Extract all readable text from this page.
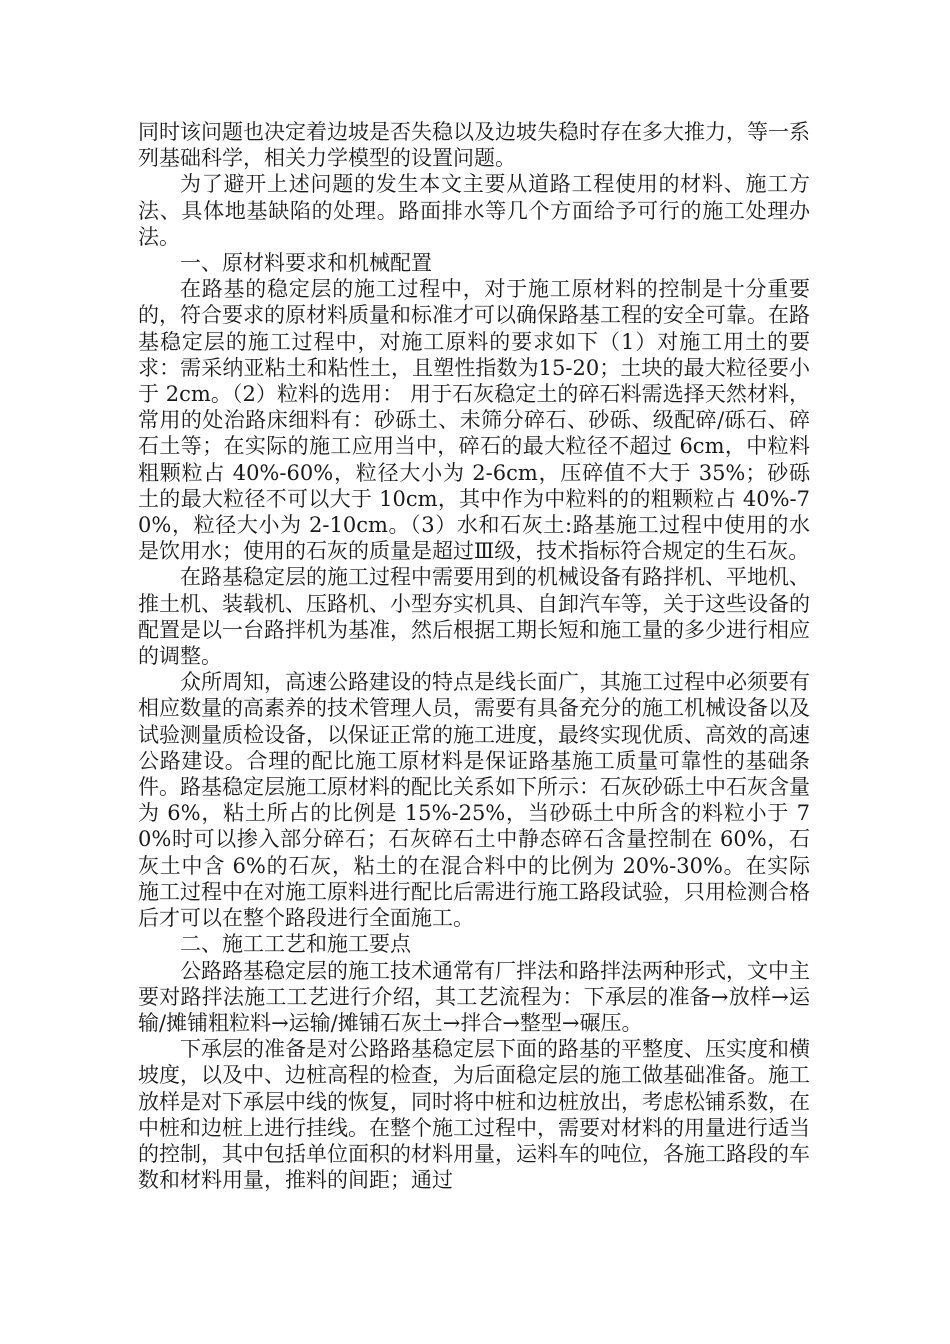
同时该问题也决定着边坡是否失稳以及边坡失稳时存在多大推力，等一系列基础科学，相关力学模型的设置问题。

为了避开上述问题的发生本文主要从道路工程使用的材料、施工方法、具体地基缺陷的处理。路面排水等几个方面给予可行的施工处理办法。

一、原材料要求和机械配置

在路基的稳定层的施工过程中，对于施工原材料的控制是十分重要的，符合要求的原材料质量和标准才可以确保路基工程的安全可靠。在路基稳定层的施工过程中，对施工原料的要求如下（1）对施工用土的要求：需采纳亚粘土和粘性土，且塑性指数为15-20；土块的最大粒径要小于 2cm。（2）粒料的选用： 用于石灰稳定土的碎石料需选择天然材料，常用的处治路床细料有：砂砾土、未筛分碎石、砂砾、级配碎/砾石、碎石土等；在实际的施工应用当中，碎石的最大粒径不超过 6cm，中粒料粗颗粒占 40%-60%，粒径大小为 2-6cm，压碎值不大于 35%；砂砾土的最大粒径不可以大于 10cm，其中作为中粒料的的粗颗粒占 40%-70%，粒径大小为 2-10cm。（3）水和石灰土:路基施工过程中使用的水是饮用水；使用的石灰的质量是超过Ⅲ级，技术指标符合规定的生石灰。

在路基稳定层的施工过程中需要用到的机械设备有路拌机、平地机、推土机、装载机、压路机、小型夯实机具、自卸汽车等，关于这些设备的配置是以一台路拌机为基准，然后根据工期长短和施工量的多少进行相应的调整。

众所周知，高速公路建设的特点是线长面广，其施工过程中必须要有相应数量的高素养的技术管理人员，需要有具备充分的施工机械设备以及试验测量质检设备，以保证正常的施工进度，最终实现优质、高效的高速公路建设。合理的配比施工原材料是保证路基施工质量可靠性的基础条件。路基稳定层施工原材料的配比关系如下所示：石灰砂砾土中石灰含量为 6%，粘土所占的比例是 15%-25%，当砂砾土中所含的料粒小于 70%时可以掺入部分碎石；石灰碎石土中静态碎石含量控制在 60%，石灰土中含 6%的石灰，粘土的在混合料中的比例为 20%-30%。在实际施工过程中在对施工原料进行配比后需进行施工路段试验，只用检测合格后才可以在整个路段进行全面施工。

二、施工工艺和施工要点

公路路基稳定层的施工技术通常有厂拌法和路拌法两种形式，文中主要对路拌法施工工艺进行介绍，其工艺流程为：下承层的准备→放样→运输/摊铺粗粒料→运输/摊铺石灰土→拌合→整型→碾压。

下承层的准备是对公路路基稳定层下面的路基的平整度、压实度和横坡度，以及中、边桩高程的检查，为后面稳定层的施工做基础准备。施工放样是对下承层中线的恢复，同时将中桩和边桩放出，考虑松铺系数，在中桩和边桩上进行挂线。在整个施工过程中，需要对材料的用量进行适当的控制，其中包括单位面积的材料用量，运料车的吨位，各施工路段的车数和材料用量，推料的间距；通过
